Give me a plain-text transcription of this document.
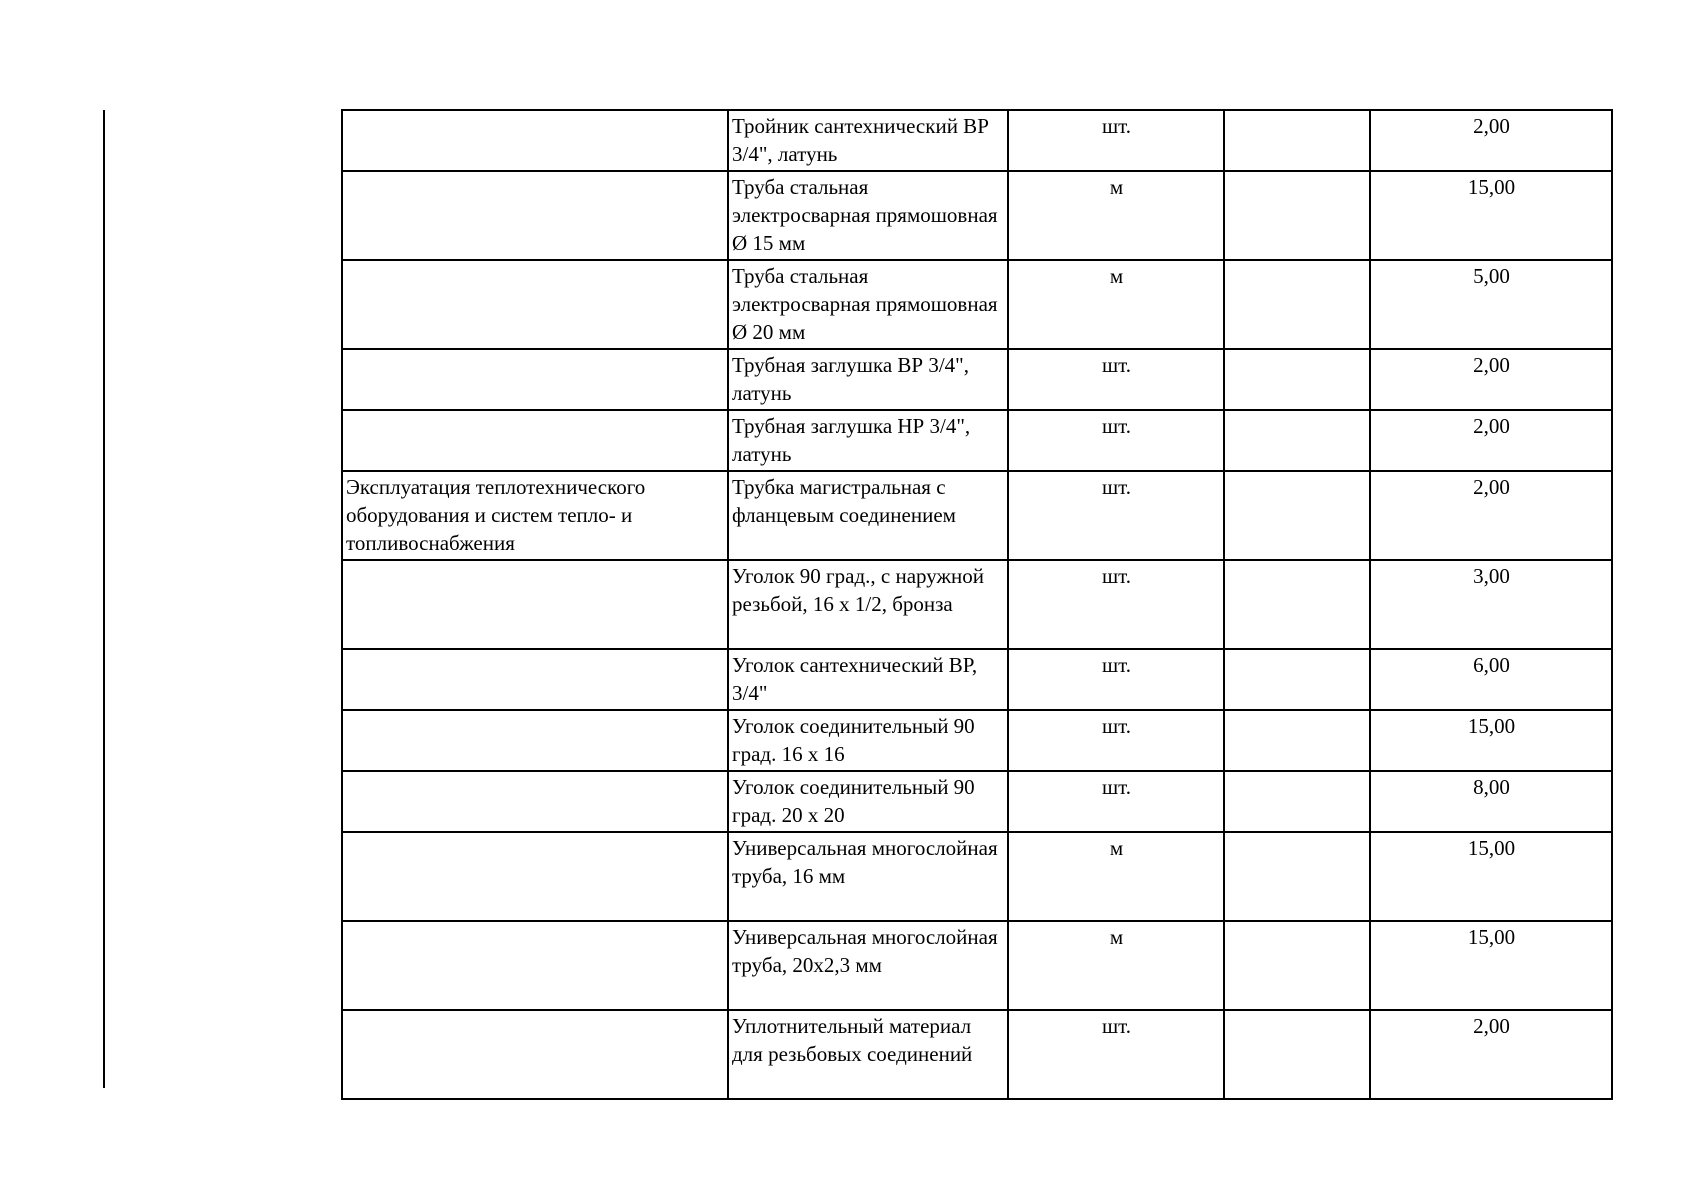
	Тройник сантехнический ВР 3/4", латунь	шт.		2,00
	Труба стальная электросварная прямошовная Ø 15 мм	м		15,00
	Труба стальная электросварная прямошовная Ø 20 мм	м		5,00
	Трубная заглушка ВР 3/4", латунь	шт.		2,00
	Трубная заглушка НР 3/4", латунь	шт.		2,00
Эксплуатация теплотехнического оборудования и систем тепло- и топливоснабжения	Трубка магистральная с фланцевым соединением	шт.		2,00
	Уголок 90 град., с наружной резьбой, 16 х 1/2, бронза	шт.		3,00
	Уголок сантехнический ВР, 3/4"	шт.		6,00
	Уголок соединительный 90 град. 16 х 16	шт.		15,00
	Уголок соединительный 90 град. 20 х 20	шт.		8,00
	Универсальная многослойная труба, 16 мм	м		15,00
	Универсальная многослойная труба, 20х2,3 мм	м		15,00
	Уплотнительный материал для резьбовых соединений	шт.		2,00
